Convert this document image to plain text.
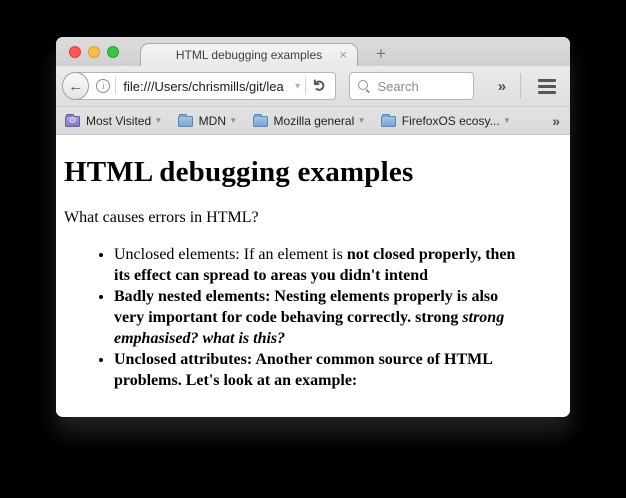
HTML debugging examples ×	+
←	i	file:///Users/chrismills/git/lea	▾ ↻	Search	»
⚙
Most Visited ▾	MDN ▾	Mozilla general ▾	FirefoxOS ecosy... ▾	»
HTML debugging examples

What causes errors in HTML?

• Unclosed elements: If an element is not closed properly, then its effect can spread to areas you didn't intend
• Badly nested elements: Nesting elements properly is also very important for code behaving correctly. strong strong emphasised? what is this?
• Unclosed attributes: Another common source of HTML problems. Let's look at an example:
